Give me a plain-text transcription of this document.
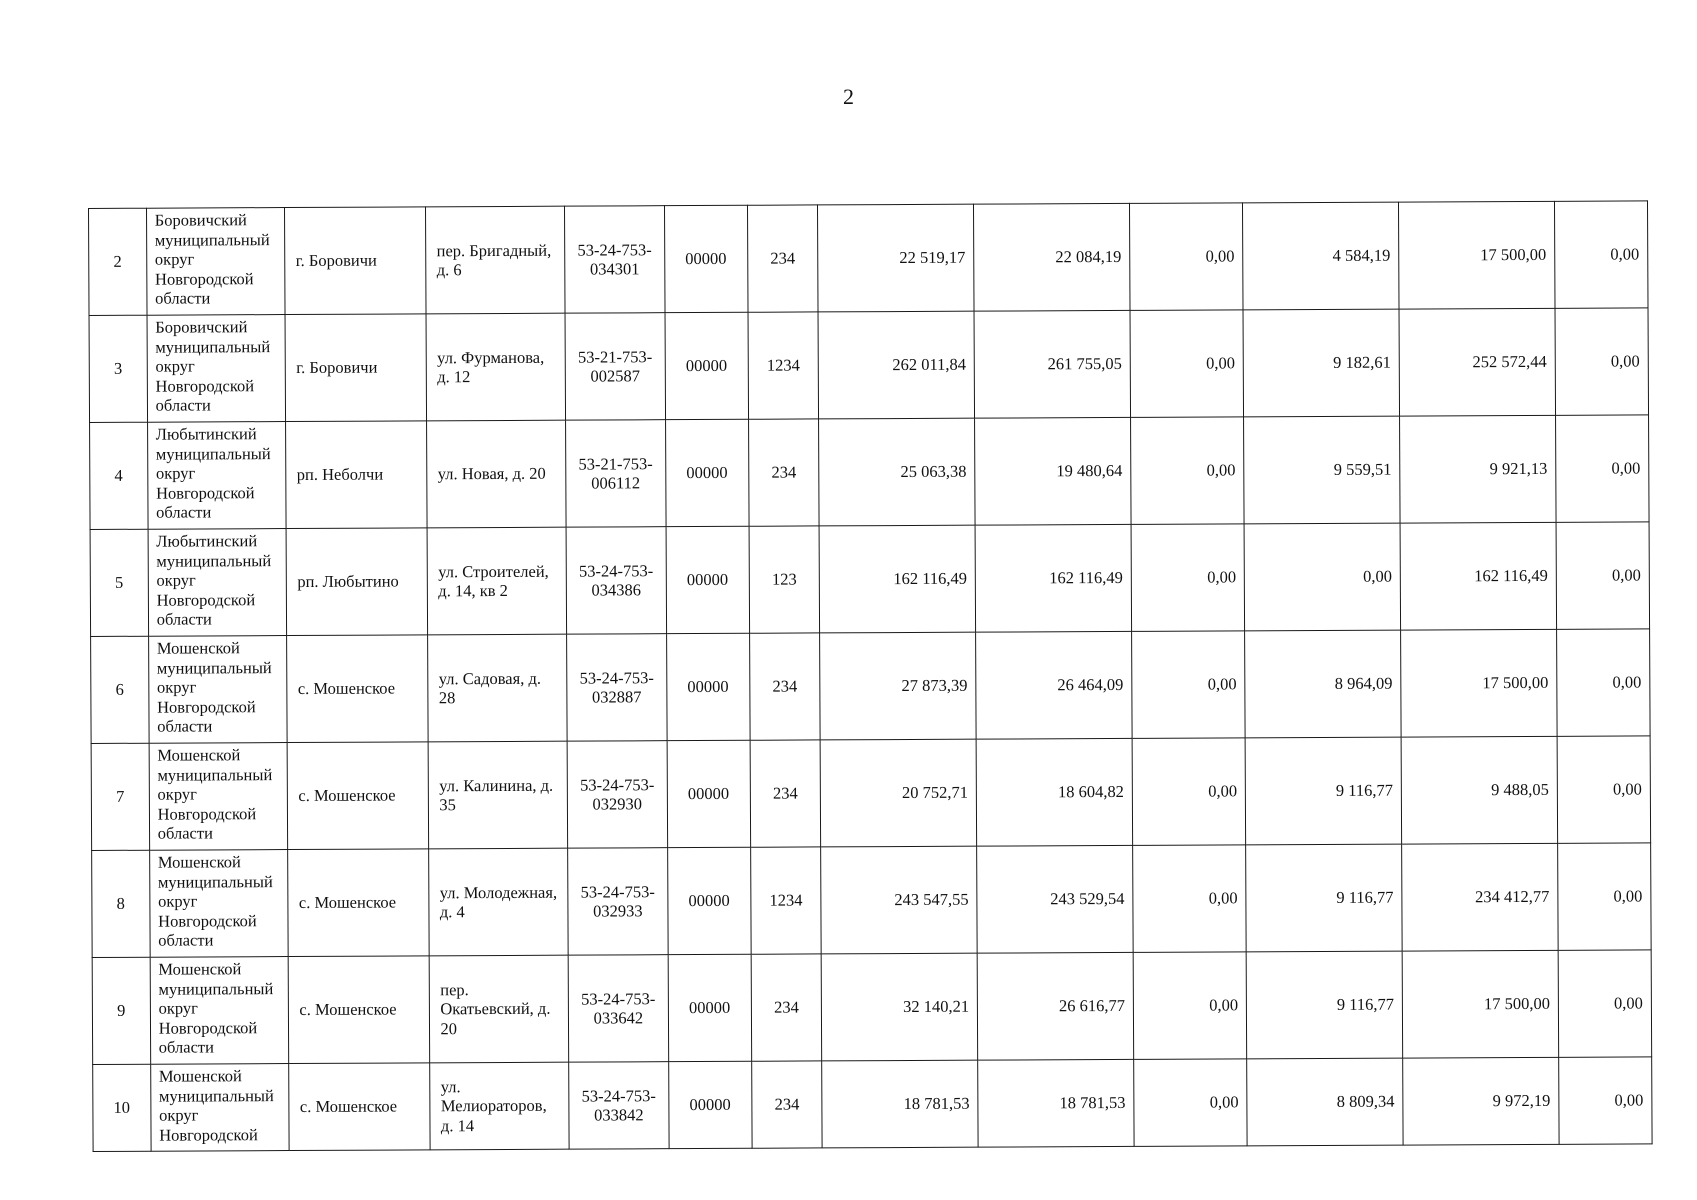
2
2	Боровичский муниципальный округ Новгородской области	г. Боровичи	пер. Бригадный, д. 6	53-24-753-034301	00000	234	22 519,17	22 084,19	0,00	4 584,19	17 500,00	0,00
3	Боровичский муниципальный округ Новгородской области	г. Боровичи	ул. Фурманова, д. 12	53-21-753-002587	00000	1234	262 011,84	261 755,05	0,00	9 182,61	252 572,44	0,00
4	Любытинский муниципальный округ Новгородской области	рп. Неболчи	ул. Новая, д. 20	53-21-753-006112	00000	234	25 063,38	19 480,64	0,00	9 559,51	9 921,13	0,00
5	Любытинский муниципальный округ Новгородской области	рп. Любытино	ул. Строителей, д. 14, кв 2	53-24-753-034386	00000	123	162 116,49	162 116,49	0,00	0,00	162 116,49	0,00
6	Мошенской муниципальный округ Новгородской области	с. Мошенское	ул. Садовая, д. 28	53-24-753-032887	00000	234	27 873,39	26 464,09	0,00	8 964,09	17 500,00	0,00
7	Мошенской муниципальный округ Новгородской области	с. Мошенское	ул. Калинина, д. 35	53-24-753-032930	00000	234	20 752,71	18 604,82	0,00	9 116,77	9 488,05	0,00
8	Мошенской муниципальный округ Новгородской области	с. Мошенское	ул. Молодежная, д. 4	53-24-753-032933	00000	1234	243 547,55	243 529,54	0,00	9 116,77	234 412,77	0,00
9	Мошенской муниципальный округ Новгородской области	с. Мошенское	пер. Окатьевский, д. 20	53-24-753-033642	00000	234	32 140,21	26 616,77	0,00	9 116,77	17 500,00	0,00
10	Мошенской муниципальный округ Новгородской	с. Мошенское	ул. Мелиораторов, д. 14	53-24-753-033842	00000	234	18 781,53	18 781,53	0,00	8 809,34	9 972,19	0,00
